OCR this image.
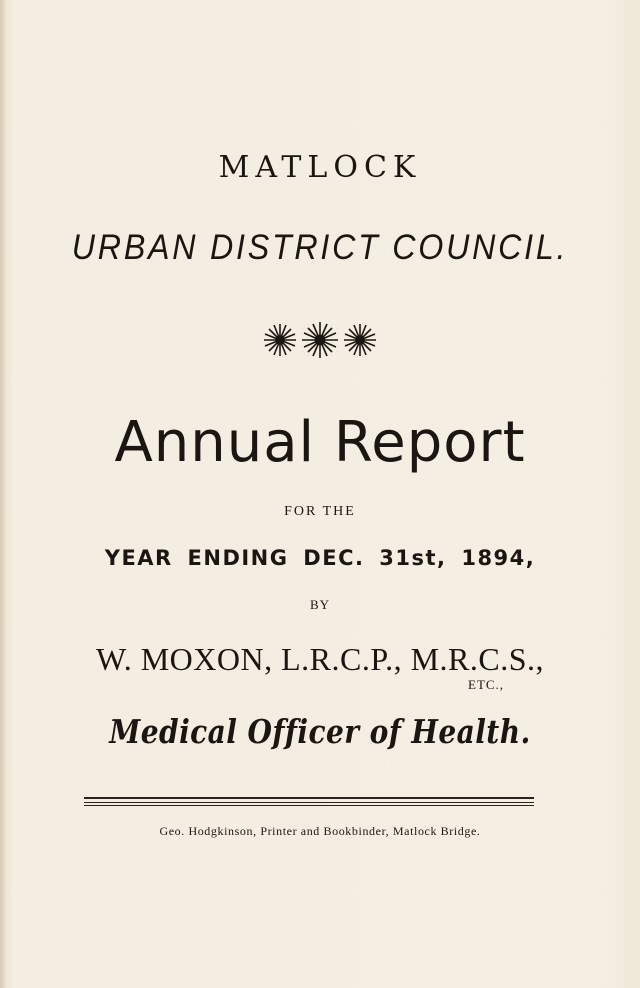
MATLOCK
URBAN DISTRICT COUNCIL.
Annual Report
FOR THE
YEAR ENDING DEC. 31st, 1894,
BY
W. MOXON, L.R.C.P., M.R.C.S.,
ETC.,
Medical Officer of Health.
Geo. Hodgkinson, Printer and Bookbinder, Matlock Bridge.
